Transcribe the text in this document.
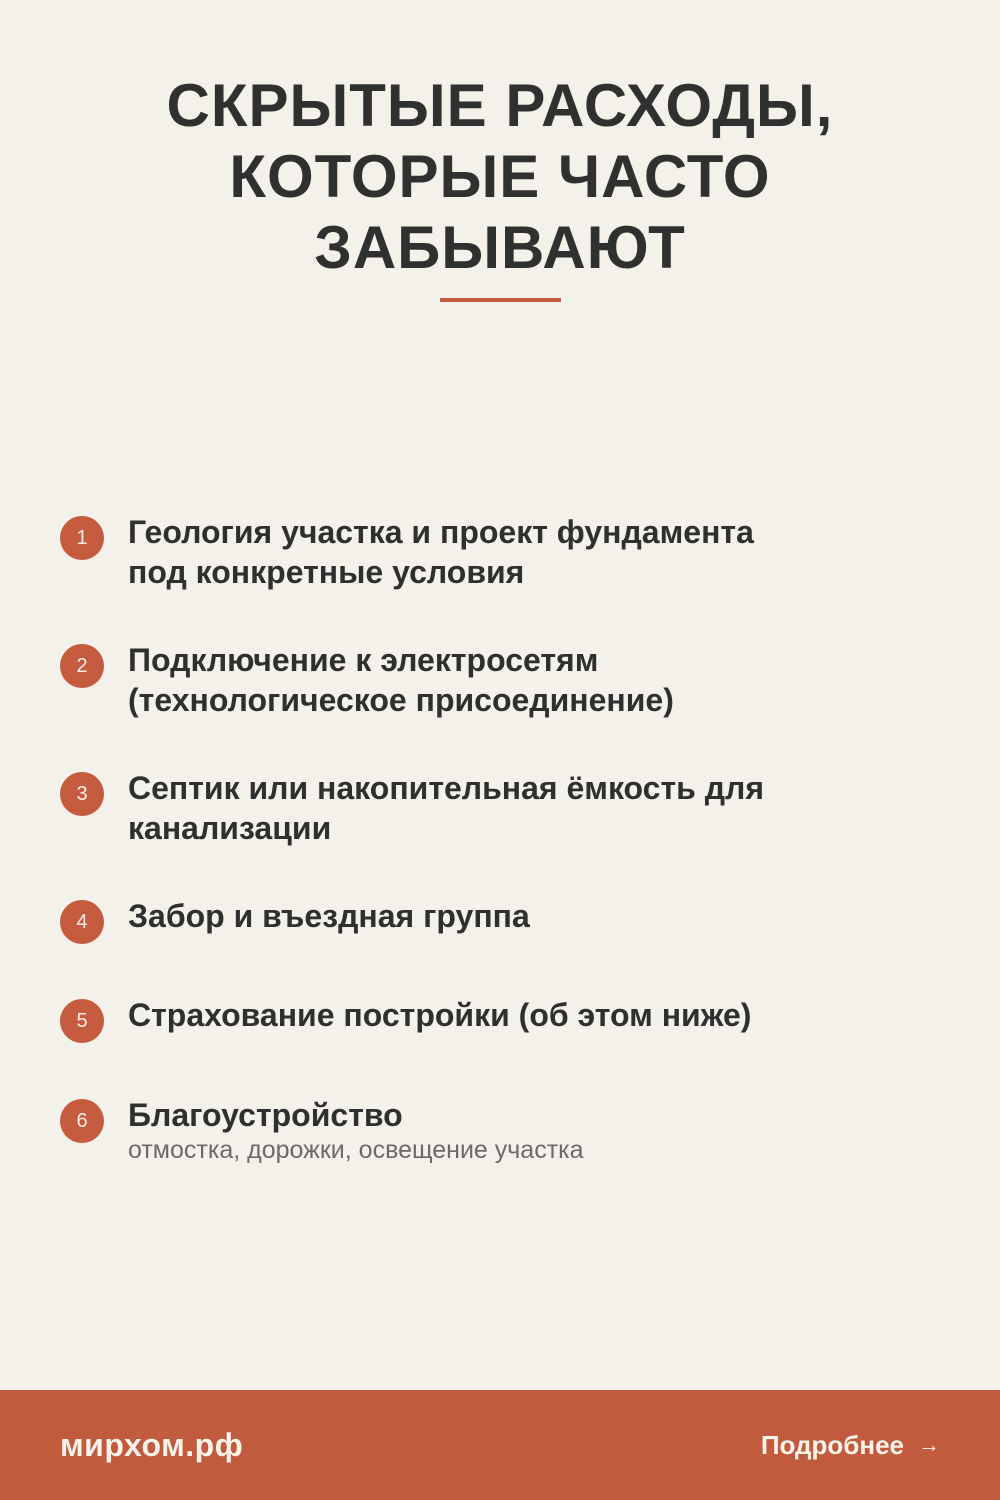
СКРЫТЫЕ РАСХОДЫ,
КОТОРЫЕ ЧАСТО
ЗАБЫВАЮТ
1	Геология участка и проект фундамента
под конкретные условия
2	Подключение к электросетям
(технологическое присоединение)
3	Септик или накопительная ёмкость для
канализации
4	Забор и въездная группа
5	Страхование постройки (об этом ниже)
6	Благоустройство
отмостка, дорожки, освещение участка
мирхом.рф	Подробнее →
